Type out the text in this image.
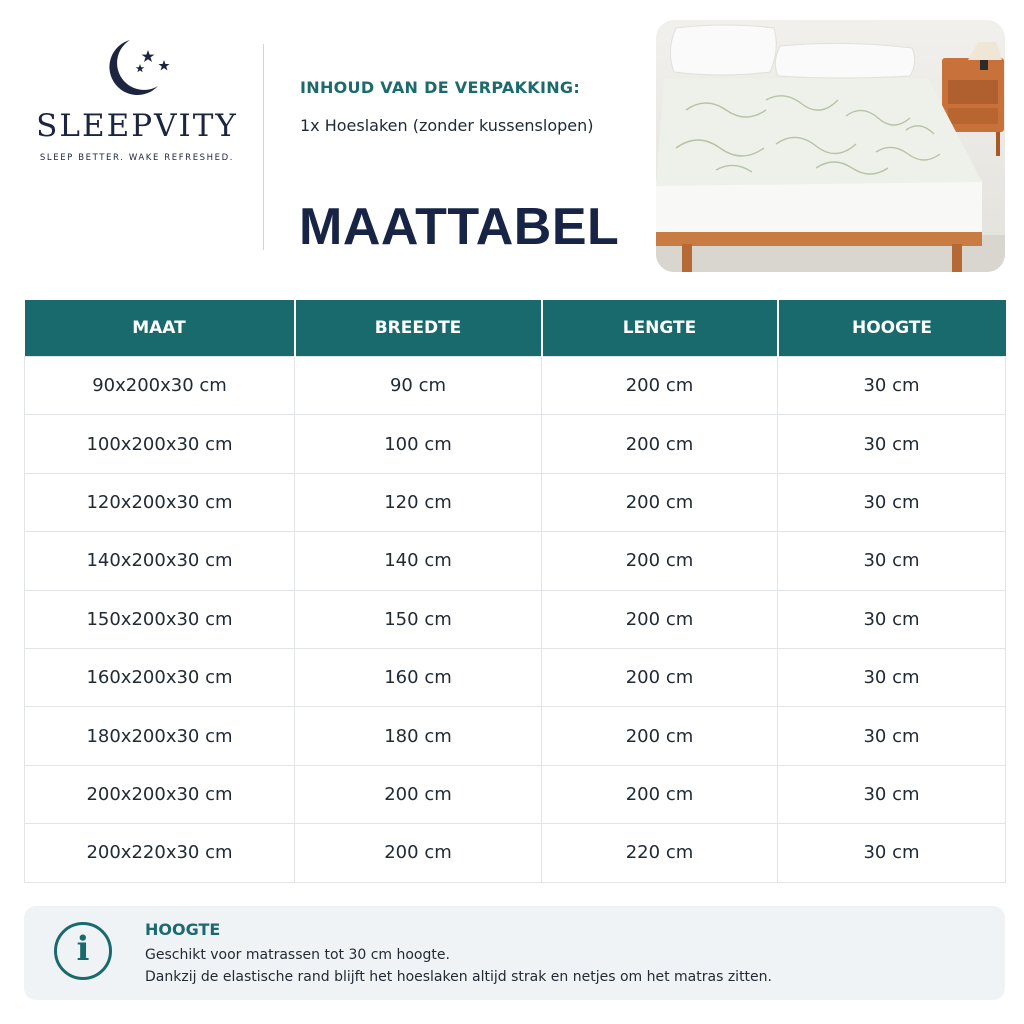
SLEEPVITY
SLEEP BETTER. WAKE REFRESHED.
INHOUD VAN DE VERPAKKING:
1x Hoeslaken (zonder kussenslopen)
MAATTABEL
MAAT	BREEDTE	LENGTE	HOOGTE
90x200x30 cm	90 cm	200 cm	30 cm
100x200x30 cm	100 cm	200 cm	30 cm
120x200x30 cm	120 cm	200 cm	30 cm
140x200x30 cm	140 cm	200 cm	30 cm
150x200x30 cm	150 cm	200 cm	30 cm
160x200x30 cm	160 cm	200 cm	30 cm
180x200x30 cm	180 cm	200 cm	30 cm
200x200x30 cm	200 cm	200 cm	30 cm
200x220x30 cm	200 cm	220 cm	30 cm
i	HOOGTE
Geschikt voor matrassen tot 30 cm hoogte.
Dankzij de elastische rand blijft het hoeslaken altijd strak en netjes om het matras zitten.
